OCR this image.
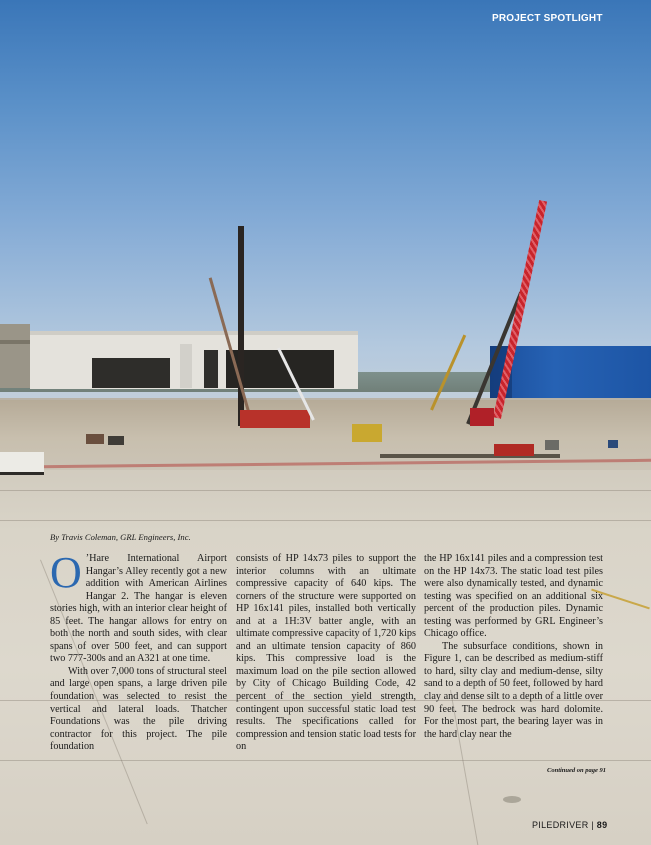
PROJECT SPOTLIGHT
By Travis Coleman, GRL Engineers, Inc.

O ’Hare International Airport Hangar’s Alley recently got a new addition with American Airlines Hangar 2. The hangar is eleven stories high, with an interior clear height of 85 feet. The hangar allows for entry on both the north and south sides, with clear spans of over 500 feet, and can support two 777-300s and an A321 at one time.

With over 7,000 tons of structural steel and large open spans, a large driven pile foundation was selected to resist the vertical and lateral loads. Thatcher Foundations was the pile driving contractor for this project. The pile foundation

consists of HP 14x73 piles to support the interior columns with an ultimate compressive capacity of 640 kips. The corners of the structure were supported on HP 16x141 piles, installed both vertically and at a 1H:3V batter angle, with an ultimate compressive capacity of 1,720 kips and an ultimate tension capacity of 860 kips. This compressive load is the maximum load on the pile section allowed by City of Chicago Building Code, 42 percent of the section yield strength, contingent upon successful static load test results. The specifications called for compression and tension static load tests for on

the HP 16x141 piles and a compression test on the HP 14x73. The static load test piles were also dynamically tested, and dynamic testing was specified on an additional six percent of the production piles. Dynamic testing was performed by GRL Engineer’s Chicago office.

The subsurface conditions, shown in Figure 1, can be described as medium-stiff to hard, silty clay and medium-dense, silty sand to a depth of 50 feet, followed by hard clay and dense silt to a depth of a little over 90 feet. The bedrock was hard dolomite. For the most part, the bearing layer was in the hard clay near the

Continued on page 91
PILEDRIVER | 89
